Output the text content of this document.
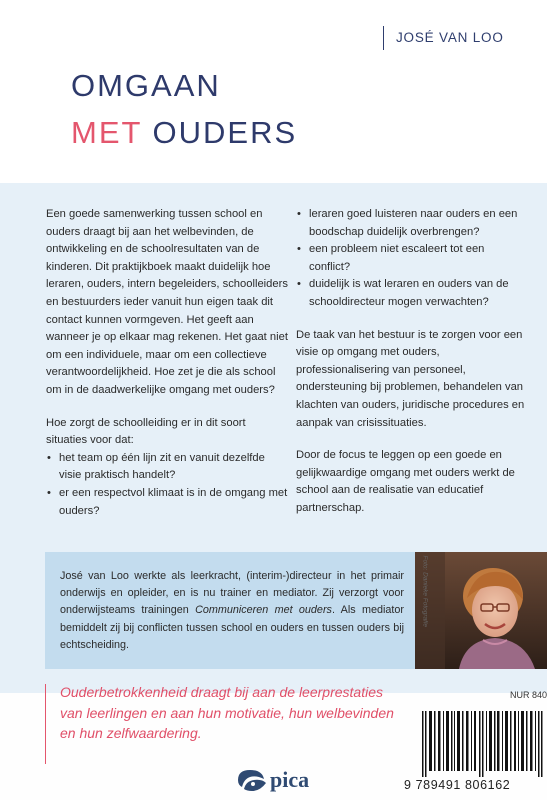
JOSÉ VAN LOO
OMGAAN
MET OUDERS

Een goede samenwerking tussen school en ouders draagt bij aan het welbevinden, de ontwikkeling en de schoolresultaten van de kinderen. Dit praktijkboek maakt duidelijk hoe leraren, ouders, intern begeleiders, schoolleiders en bestuurders ieder vanuit hun eigen taak dit contact kunnen vormgeven. Het geeft aan wanneer je op elkaar mag rekenen. Het gaat niet om een individuele, maar om een collectieve verantwoordelijkheid. Hoe zet je die als school om in de daadwerkelijke omgang met ouders?

Hoe zorgt de schoolleiding er in dit soort situaties voor dat:

• het team op één lijn zit en vanuit dezelfde visie praktisch handelt?

• er een respectvol klimaat is in de omgang met ouders?

• leraren goed luisteren naar ouders en een boodschap duidelijk overbrengen?

• een probleem niet escaleert tot een conflict?

• duidelijk is wat leraren en ouders van de schooldirecteur mogen verwachten?

De taak van het bestuur is te zorgen voor een visie op omgang met ouders, professionalisering van personeel, ondersteuning bij problemen, behandelen van klachten van ouders, juridische procedures en aanpak van crisissituaties.

Door de focus te leggen op een goede en gelijkwaardige omgang met ouders werkt de school aan de realisatie van educatief partnerschap.

José van Loo werkte als leerkracht, (interim-)directeur in het primair onderwijs en opleider, en is nu trainer en mediator. Zij verzorgt voor onderwijsteams trainingen Communiceren met ouders. Als mediator bemiddelt zij bij conflicten tussen school en ouders en tussen ouders bij echtscheiding.

Foto: Danieke Fotografie
Ouderbetrokkenheid draagt bij aan de leerprestaties van leerlingen en aan hun motivatie, hun welbevinden en hun zelfwaardering.
NUR 840
9 789491 806162
pica
